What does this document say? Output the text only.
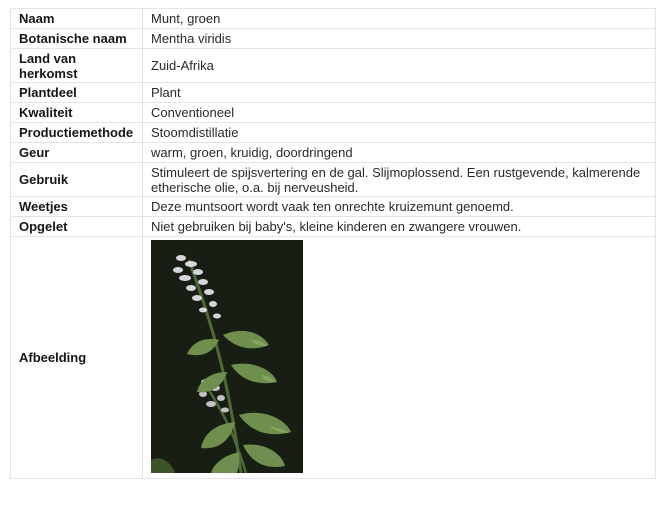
Naam	Munt, groen
Botanische naam	Mentha viridis
Land van herkomst	Zuid-Afrika
Plantdeel	Plant
Kwaliteit	Conventioneel
Productiemethode	Stoomdistillatie
Geur	warm, groen, kruidig, doordringend
Gebruik	Stimuleert de spijsvertering en de gal. Slijmoplossend. Een rustgevende, kalmerende etherische olie, o.a. bij nerveusheid.
Weetjes	Deze muntsoort wordt vaak ten onrechte kruizemunt genoemd.
Opgelet	Niet gebruiken bij baby's, kleine kinderen en zwangere vrouwen.
Afbeelding	
